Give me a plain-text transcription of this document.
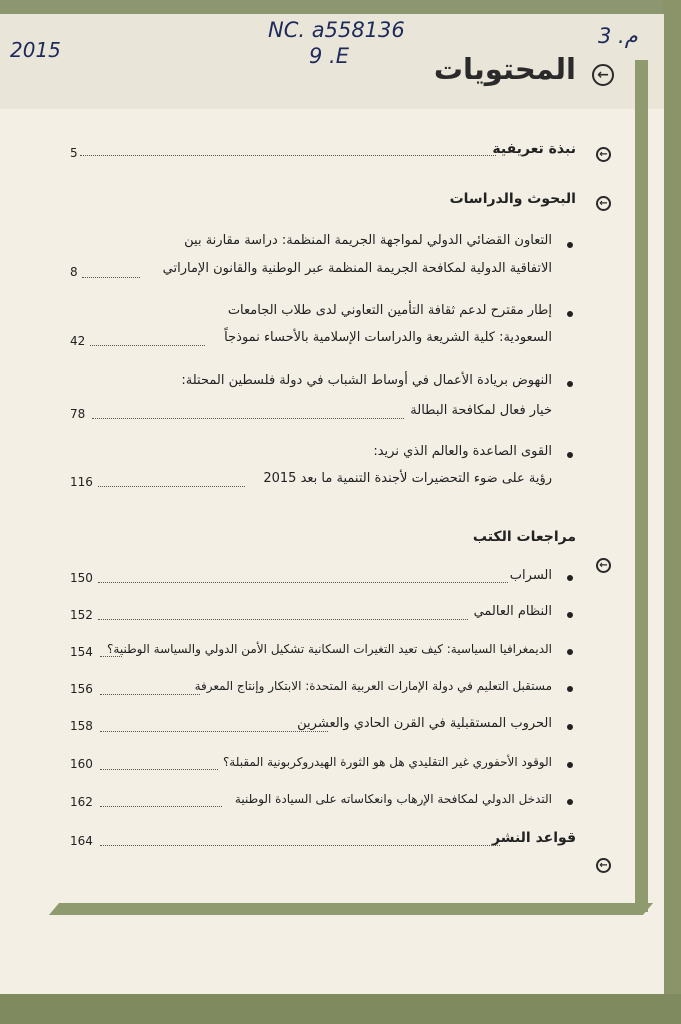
2015
NC. a558136
9 .E
3 .ﻡ
←
المحتويات
←
نبذة تعريفية
5
←
البحوث والدراسات
التعاون القضائي الدولي لمواجهة الجريمة المنظمة: دراسة مقارنة بين
الاتفاقية الدولية لمكافحة الجريمة المنظمة عبر الوطنية والقانون الإماراتي
8
إطار مقترح لدعم ثقافة التأمين التعاوني لدى طلاب الجامعات
السعودية: كلية الشريعة والدراسات الإسلامية بالأحساء نموذجاً
42
النهوض بريادة الأعمال في أوساط الشباب في دولة فلسطين المحتلة:
خيار فعال لمكافحة البطالة
78
القوى الصاعدة والعالم الذي نريد:
رؤية على ضوء التحضيرات لأجندة التنمية ما بعد 2015
116
مراجعات الكتب
←
السراب
150
النظام العالمي
152
الديمغرافيا السياسية: كيف تعيد التغيرات السكانية تشكيل الأمن الدولي والسياسة الوطنية؟
154
مستقبل التعليم في دولة الإمارات العربية المتحدة: الابتكار وإنتاج المعرفة
156
الحروب المستقبلية في القرن الحادي والعشرين
158
الوقود الأحفوري غير التقليدي هل هو الثورة الهيدروكربونية المقبلة؟
160
التدخل الدولي لمكافحة الإرهاب وانعكاساته على السيادة الوطنية
162
قواعد النشر
164
←
